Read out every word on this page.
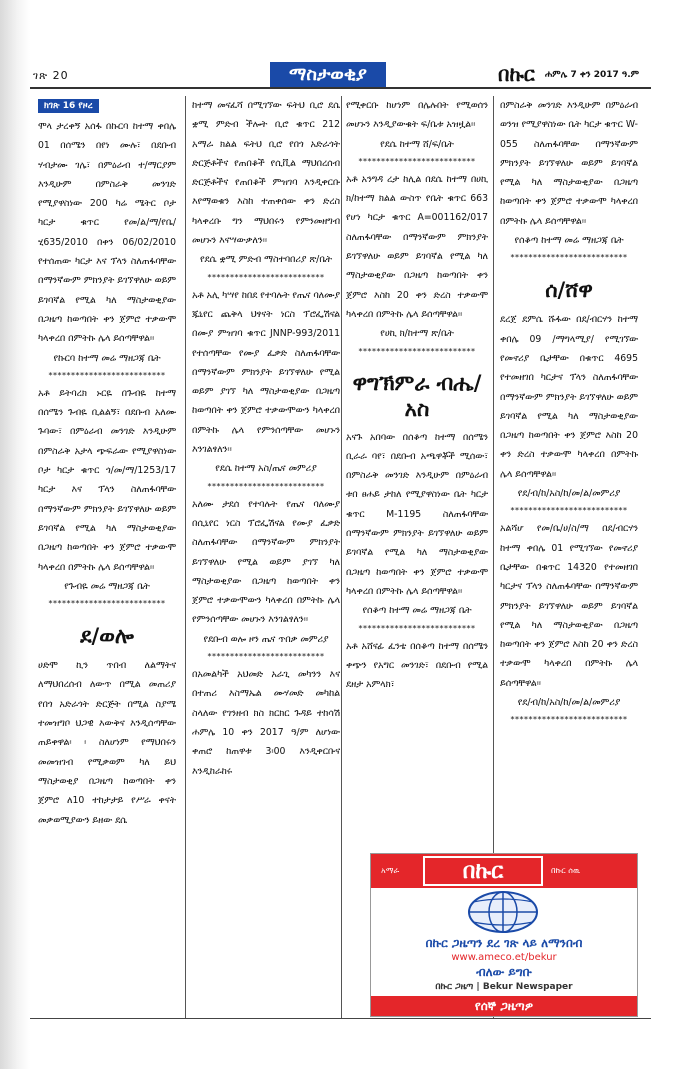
ገጽ 20	ማስታወቂያ	በኩር ሐምሌ 7 ቀን 2017 ዓ.ም
ክገጽ 16 የዞረ

ሞላ ታረቀኝ አሰፋ በኩርባ ከተማ ቀበሌ 01 በሰሜን በየነ ሙሉ፣ በደቡብ ሃብታሙ ገሌ፣ በምዕራብ ተ/ማርያም እንዲሁም በምስራቅ መንገድ የሚያዋስነው 200 ካሬ ሜትር ቦታ ካርታ ቁጥር የመ/ል/ማ/የቤ/ሂ635/2010 በቀን 06/02/2010 የተሰጠው ካርታ እና ፕላን ስለጠፋባቸው በማንኛውም ምክንያት ይገኘዋለሁ ወይም ይገባኛል የሚል ካለ ማስታወቂያው በጋዜጣ ከወጣበት ቀን ጀምሮ ተቃውሞ ካላቀረበ በምትኩ ሌላ ይሰጣቸዋል፡፡

የኩርባ ከተማ መሬ ማዘጋጃ ቤት

**************************

አቶ ይትባረክ ኑርዬ በጉብዬ ከተማ በሰሜን ጉብዬ ቢልልኝ፣ በደቡብ አለሙ ጉባው፣ በምዕራብ መንገድ እንዲሁም በምስራቅ አታላ ጭፍራው የሚያዋስነው ቦታ ካርታ ቁጥር ጎ/መ/ማ/1253/17 ካርታ እና ፕላን ስለጠፋባቸው በማንኛውም ምክንያት ይገኘዋለሁ ወይም ይገባኛል የሚል ካለ ማስታወቂያው በጋዜጣ ከወጣበት ቀን ጀምሮ ተቃውሞ ካላቀረበ በምትኩ ሌላ ይሰጣቸዋል፡፡

የጉብዬ መሬ ማዘጋጃ ቤት

**************************

ደ/ወሎ

ሀድሞ ኪን ጥበብ ለልማትና ለማህበረሰብ ለውጥ በሚል መጠሪያ የበጎ አድራጎት ድርጅት በሚል ስያሜ ተመዝግቦ ህጋዊ እውቅና እንዲሰጣቸው ጠይቀዋል፡ ፡ ስለሆነም የማህበሩን መመዝገብ የሚቃወም ካለ ይህ ማስታወቂያ በጋዜጣ ከወጣበት ቀን ጀምሮ ለ10 ተከታታይ የሥራ ቀናት መቃወሚያውን ይዘው ደሴ

ከተማ መናፈሻ በሚገኘው ፍትህ ቢሮ ደሴ ቋሚ ምድብ ችሎት ቢሮ ቁጥር 212 አማራ ክልል ፍትህ ቢሮ የበጎ አድራጎት ድርጅቶችና የጠበቆች የሲቪል ማህበረሰብ ድርጅቶችና የጠበቆች ምዝገባ እንዲቀርቡ እየማወቁን እስከ ተጠቀሰው ቀን ድረስ ካላቀረቡ ግን ማህበሩን የምንመዘግብ መሆኑን እናሣውቃለን፡፡

የደሴ ቋሚ ምድብ ማስተባበሪያ ጽ/ቤት

**************************

አቶ አሊ ካሣየ ከበደ የተባሉት የጤና ባለሙያ ጁኒየር ጨቅላ ህፃናት ነርስ ፕሮፌሽናል በሙያ ምዝገባ ቁጥር JNNP-993/2011 የተሰጣቸው የሙያ ፈቃድ ስለጠፋባቸው በማንኛውም ምክንያት ይገኘዋለሁ የሚል ወይም ያገኘ ካለ ማስታወቂያው በጋዜጣ ከወጣበት ቀን ጀምሮ ተቃውሞውን ካላቀረበ በምትኩ ሌላ የምንሰጣቸው መሆኑን እንገልፃለን፡፡

የደሴ ከተማ አስ/ጤና መምሪያ

**************************

አለሙ ታደሰ የተባሉት የጤና ባለሙያ በሲኒየር ነርስ ፕሮፌሽናል የሙያ ፈቃድ ስለጠፋባቸው በማንኛውም ምክንያት ይገኘዋለሁ የሚል ወይም ያገኘ ካለ ማስታወቂያው በጋዜጣ ከወጣበት ቀን ጀምሮ ተቃውሞውን ካላቀረበ በምትኩ ሌላ የምንሰጣቸው መሆኑን እንገልፃለን፡፡

የደቡብ ወሎ ዞን ጤና ጥበቃ መምሪያ

**************************

በአመልካች አህመድ አራጊ መካንን እና በተጠሪ እስማኤል ሙሃመድ መካከል ስላለው የገንዘብ ክስ ክርክር ጉዳይ ተከሳሽ ሐምሌ 10 ቀን 2017 ዓ/ም ለሆነው ቀጠሮ ከጠዋቱ 3፡00 እንዲቀርቡና እንዲከራከሩ

የሚቀርቡ ከሆነም በሌሉበት የሚወሰን መሆኑን እንዲያውቁት ፍ/ቤቱ አዝዟል፡፡

የደሴ ከተማ ሸ/ፍ/ቤት

**************************

አቶ አንግዳ ረታ ከሊል በደሴ ከተማ በሀኪ ክ/ከተማ ክልል ውስጥ የቤት ቁጥር 663 የሆነ ካርታ ቁጥር A=001162/017 ስለጠፋባቸው በማንኛውም ምክንያት ይገኘዋለሁ ወይም ይገባኛል የሚል ካለ ማስታወቂያው በጋዜጣ ከወጣበት ቀን ጀምሮ እስከ 20 ቀን ድረስ ተቃውሞ ካላቀረበ በምትኩ ሌላ ይሰጣቸዋል፡፡

የሀኪ ክ/ከተማ ጽ/ቤት

**************************

ዋግኽምራ ብሔ/ አስ

አናጉ አበባው በሰቆጣ ከተማ በሰሜን ቢራራ ባየ፣ በደቡብ አጫዋቾች ሚሰው፣ በምስራቅ መንገድ እንዲሁም በምዕራብ ቱበ ፀሐይ ታከለ የሚያዋስነው ቤት ካርታ ቁጥር M-1195 ስለጠፋባቸው በማንኛውም ምክንያት ይገኘዋለሁ ወይም ይገባኛል የሚል ካለ ማስታወቂያው በጋዜጣ ከወጣበት ቀን ጀምሮ ተቃውሞ ካላቀረበ በምትኩ ሌላ ይሰጣቸዋል፡፡

የሰቆጣ ከተማ መሬ ማዘጋጃ ቤት

**************************

አቶ አሸናፊ ፈንቴ በሰቆጣ ከተማ በሰሜን ቀጭን የአግር መንገድ፣ በደቡብ የሚል ደዘታ አምላክ፣

በምስራቅ መንገድ እንዲሁም በምዕራብ ወንዝ የሚያዋስነው ቤት ካርታ ቁጥር W-055 ስለጠፋባቸው በማንኛውም ምክንያት ይገኘዋለሁ ወይም ይገባኛል የሚል ካለ ማስታወቂያው በጋዜጣ ከወጣበት ቀን ጀምሮ ተቃውሞ ካላቀረበ በምትኩ ሌላ ይሰጣቸዋል፡፡

የሰቆጣ ከተማ መሬ ማዘጋጃ ቤት

**************************

ሰ/ሸዋ

ደረጀ ደምሴ ሹፋው በደ/ብርሃን ከተማ ቀበሌ 09 /ማግላሚያ/ የሚገኘው የመኖሪያ ቤታቸው በቁጥር 4695 የተመዘገበ ካርታና ፕላን ስለጠፋባቸው በማንኛውም ምክንያት ይገኘዋለሁ ወይም ይገባኛል የሚል ካለ ማስታወቂያው በጋዜጣ ከወጣበት ቀን ጀምሮ እስከ 20 ቀን ድረስ ተቃውሞ ካላቀረበ በምትኩ ሌላ ይሰጣቸዋል፡፡

የደ/ብ/ከ/አስ/ከ/መ/ል/መምሪያ

**************************

አልሻሆ የመ/ቤ/ሀ/ስ/ማ በደ/ብርሃን ከተማ ቀበሌ 01 የሚገኘው የመኖሪያ ቤታቸው በቁጥር 14320 የተመዘገበ ካርታና ፕላን ስለጠፋባቸው በማንኛውም ምክንያት ይገኘዋለሁ ወይም ይገባኛል የሚል ካለ ማስታወቂያው በጋዜጣ ከወጣበት ቀን ጀምሮ እስከ 20 ቀን ድረስ ተቃውሞ ካላቀረበ በምትኩ ሌላ ይሰጣቸዋል፡፡

የደ/ብ/ከ/አስ/ከ/መ/ል/መምሪያ

**************************

አማራ	በኩር	በኩር ሰዉ
በኩር ጋዜጣን ደረ ገጽ ላይ ለማንበብ
www.ameco.et/bekur
ብለው ይግቡ
በኩር ጋዜጣ | Bekur Newspaper
የሰኞ ጋዜጣዎ
